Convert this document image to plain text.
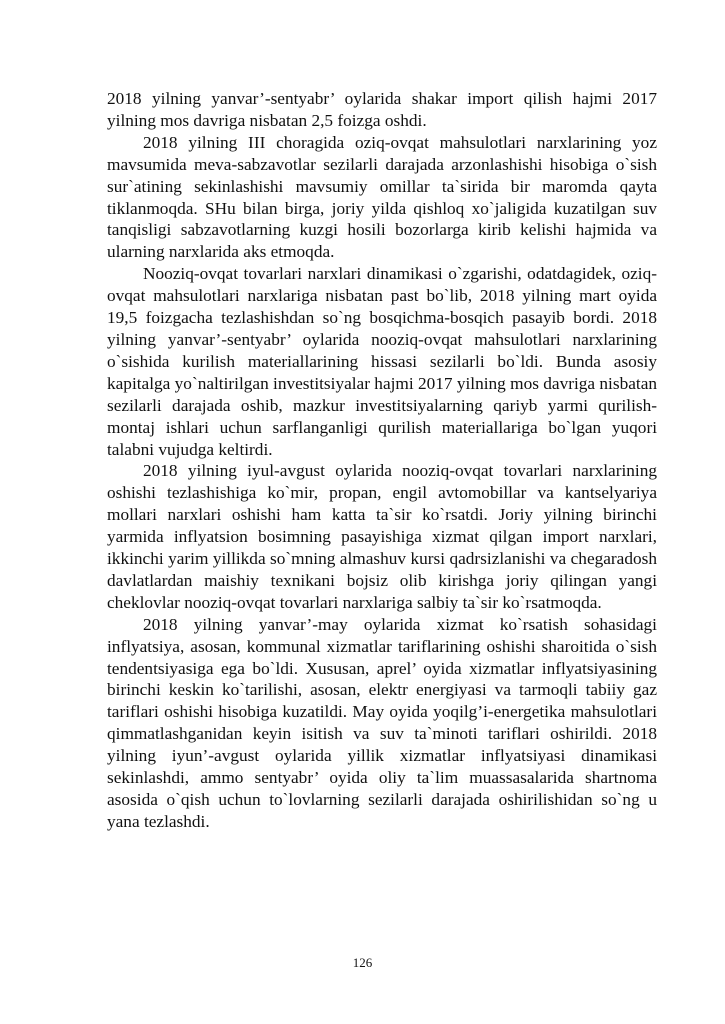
2018 yilning yanvar’-sentyabr’ oylarida shakar import qilish hajmi 2017 yilning mos davriga nisbatan 2,5 foizga oshdi.

2018 yilning III choragida oziq-ovqat mahsulotlari narxlarining yoz mavsumida meva-sabzavotlar sezilarli darajada arzonlashishi hisobiga o`sish sur`atining sekinlashishi mavsumiy omillar ta`sirida bir maromda qayta tiklanmoqda. SHu bilan birga, joriy yilda qishloq xo`jaligida kuzatilgan suv tanqisligi sabzavotlarning kuzgi hosili bozorlarga kirib kelishi hajmida va ularning narxlarida aks etmoqda.

Nooziq-ovqat tovarlari narxlari dinamikasi o`zgarishi, odatdagidek, oziq-ovqat mahsulotlari narxlariga nisbatan past bo`lib, 2018 yilning mart oyida 19,5 foizgacha tezlashishdan so`ng bosqichma-bosqich pasayib bordi. 2018 yilning yanvar’-sentyabr’ oylarida nooziq-ovqat mahsulotlari narxlarining o`sishida kurilish materiallarining hissasi sezilarli bo`ldi. Bunda asosiy kapitalga yo`naltirilgan investitsiyalar hajmi 2017 yilning mos davriga nisbatan sezilarli darajada oshib, mazkur investitsiyalarning qariyb yarmi qurilish-montaj ishlari uchun sarflanganligi qurilish materiallariga bo`lgan yuqori talabni vujudga keltirdi.

2018 yilning iyul-avgust oylarida nooziq-ovqat tovarlari narxlarining oshishi tezlashishiga ko`mir, propan, engil avtomobillar va kantselyariya mollari narxlari oshishi ham katta ta`sir ko`rsatdi. Joriy yilning birinchi yarmida inflyatsion bosimning pasayishiga xizmat qilgan import narxlari, ikkinchi yarim yillikda so`mning almashuv kursi qadrsizlanishi va chegaradosh davlatlardan maishiy texnikani bojsiz olib kirishga joriy qilingan yangi cheklovlar nooziq-ovqat tovarlari narxlariga salbiy ta`sir ko`rsatmoqda.

2018 yilning yanvar’-may oylarida xizmat ko`rsatish sohasidagi inflyatsiya, asosan, kommunal xizmatlar tariflarining oshishi sharoitida o`sish tendentsiyasiga ega bo`ldi. Xususan, aprel’ oyida xizmatlar inflyatsiyasining birinchi keskin ko`tarilishi, asosan, elektr energiyasi va tarmoqli tabiiy gaz tariflari oshishi hisobiga kuzatildi. May oyida yoqilg’i-energetika mahsulotlari qimmatlashganidan keyin isitish va suv ta`minoti tariflari oshirildi. 2018 yilning iyun’-avgust oylarida yillik xizmatlar inflyatsiyasi dinamikasi sekinlashdi, ammo sentyabr’ oyida oliy ta`lim muassasalarida shartnoma asosida o`qish uchun to`lovlarning sezilarli darajada oshirilishidan so`ng u yana tezlashdi.

126
